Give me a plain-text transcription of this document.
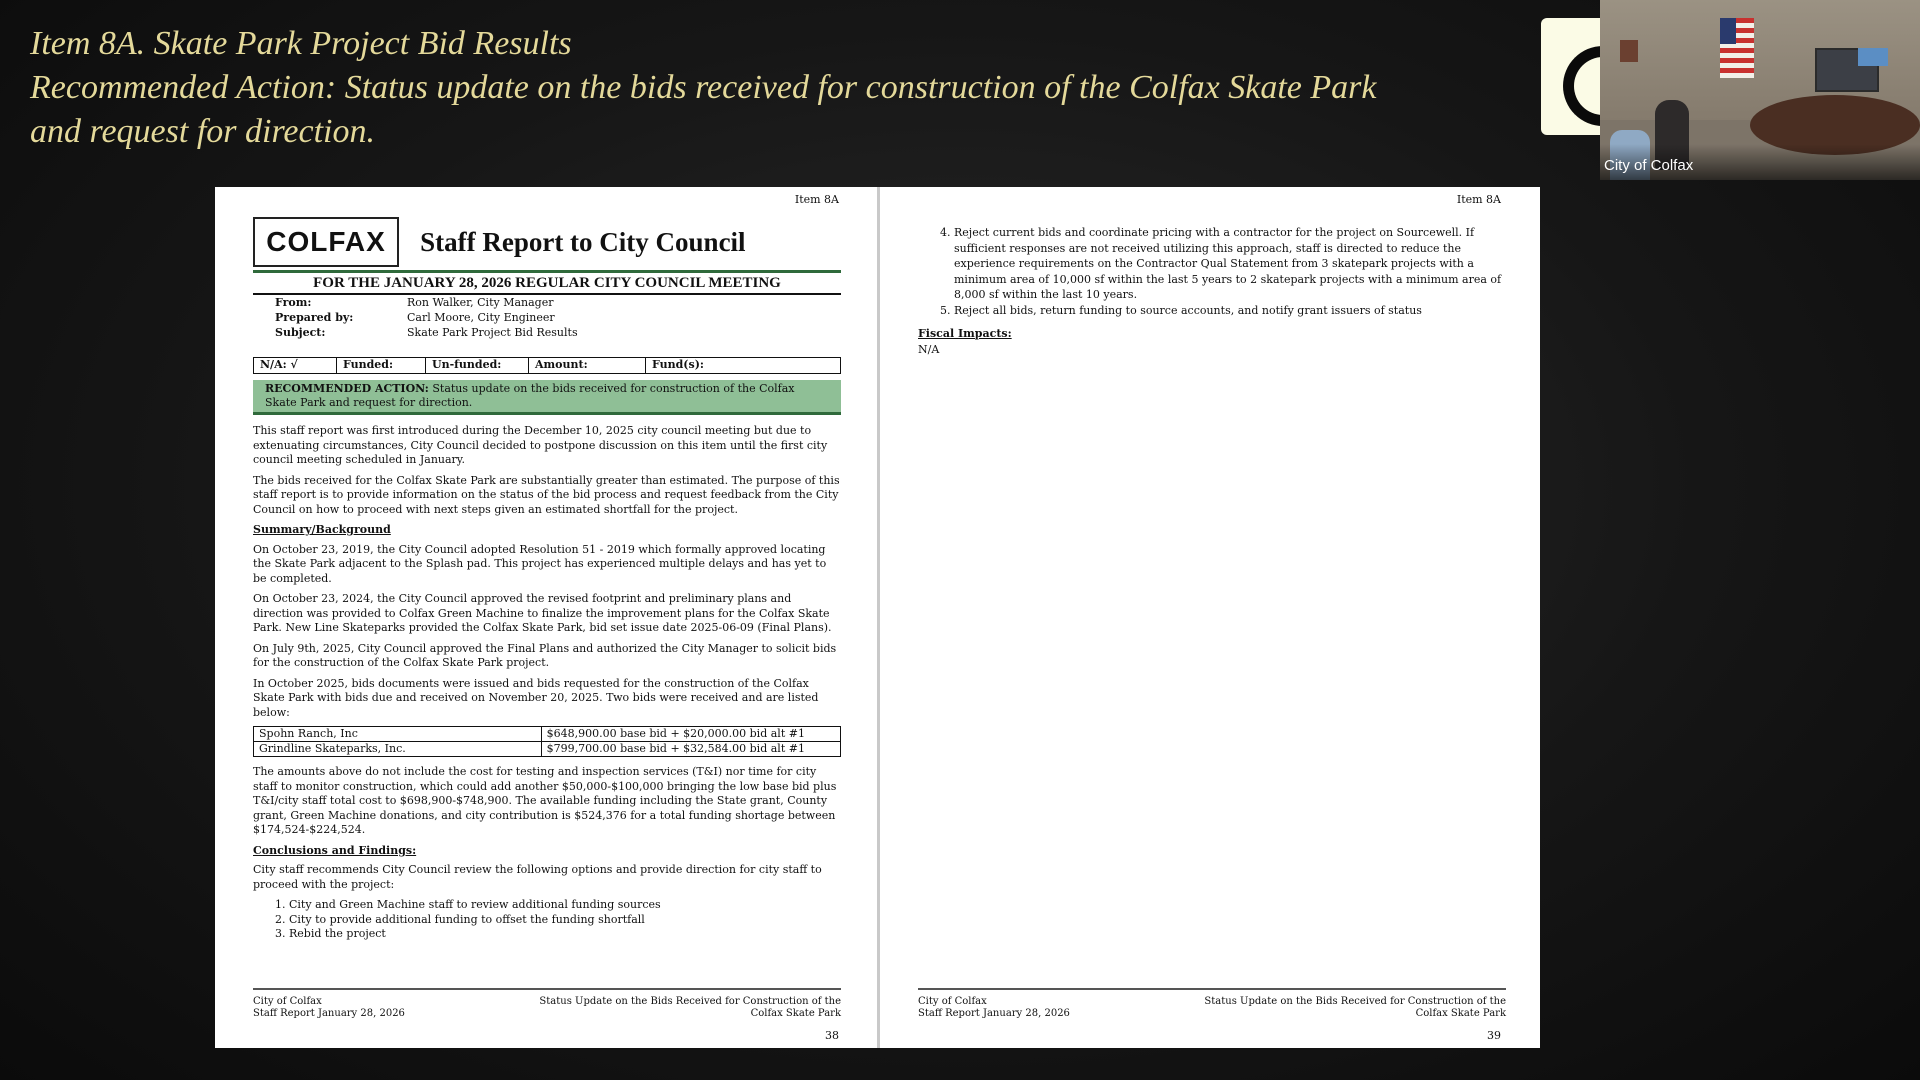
Item 8A. Skate Park Project Bid Results
Recommended Action: Status update on the bids received for construction of the Colfax Skate Park
and request for direction.
City of Colfax
Item 8A
COLFAX Staff Report to City Council
FOR THE JANUARY 28, 2026 REGULAR CITY COUNCIL MEETING
From:	Ron Walker, City Manager
Prepared by:	Carl Moore, City Engineer
Subject:	Skate Park Project Bid Results
N/A: √	Funded:	Un-funded:	Amount:	Fund(s):
RECOMMENDED ACTION: Status update on the bids received for construction of the Colfax Skate Park and request for direction.

This staff report was first introduced during the December 10, 2025 city council meeting but due to extenuating circumstances, City Council decided to postpone discussion on this item until the first city council meeting scheduled in January.

The bids received for the Colfax Skate Park are substantially greater than estimated. The purpose of this staff report is to provide information on the status of the bid process and request feedback from the City Council on how to proceed with next steps given an estimated shortfall for the project.

Summary/Background

On October 23, 2019, the City Council adopted Resolution 51 - 2019 which formally approved locating the Skate Park adjacent to the Splash pad. This project has experienced multiple delays and has yet to be completed.

On October 23, 2024, the City Council approved the revised footprint and preliminary plans and direction was provided to Colfax Green Machine to finalize the improvement plans for the Colfax Skate Park. New Line Skateparks provided the Colfax Skate Park, bid set issue date 2025-06-09 (Final Plans).

On July 9th, 2025, City Council approved the Final Plans and authorized the City Manager to solicit bids for the construction of the Colfax Skate Park project.

In October 2025, bids documents were issued and bids requested for the construction of the Colfax Skate Park with bids due and received on November 20, 2025. Two bids were received and are listed below:

Spohn Ranch, Inc	$648,900.00 base bid + $20,000.00 bid alt #1
Grindline Skateparks, Inc.	$799,700.00 base bid + $32,584.00 bid alt #1

The amounts above do not include the cost for testing and inspection services (T&I) nor time for city staff to monitor construction, which could add another $50,000-$100,000 bringing the low base bid plus T&I/city staff total cost to $698,900-$748,900. The available funding including the State grant, County grant, Green Machine donations, and city contribution is $524,376 for a total funding shortage between $174,524-$224,524.

Conclusions and Findings:

City staff recommends City Council review the following options and provide direction for city staff to proceed with the project:

1. City and Green Machine staff to review additional funding sources
2. City to provide additional funding to offset the funding shortfall
3. Rebid the project
City of Colfax
Staff Report January 28, 2026
Status Update on the Bids Received for Construction of the
Colfax Skate Park
38
Item 8A
4. Reject current bids and coordinate pricing with a contractor for the project on Sourcewell. If sufficient responses are not received utilizing this approach, staff is directed to reduce the experience requirements on the Contractor Qual Statement from 3 skatepark projects with a minimum area of 10,000 sf within the last 5 years to 2 skatepark projects with a minimum area of 8,000 sf within the last 10 years.
5. Reject all bids, return funding to source accounts, and notify grant issuers of status
Fiscal Impacts:
N/A
City of Colfax
Staff Report January 28, 2026
Status Update on the Bids Received for Construction of the
Colfax Skate Park
39
